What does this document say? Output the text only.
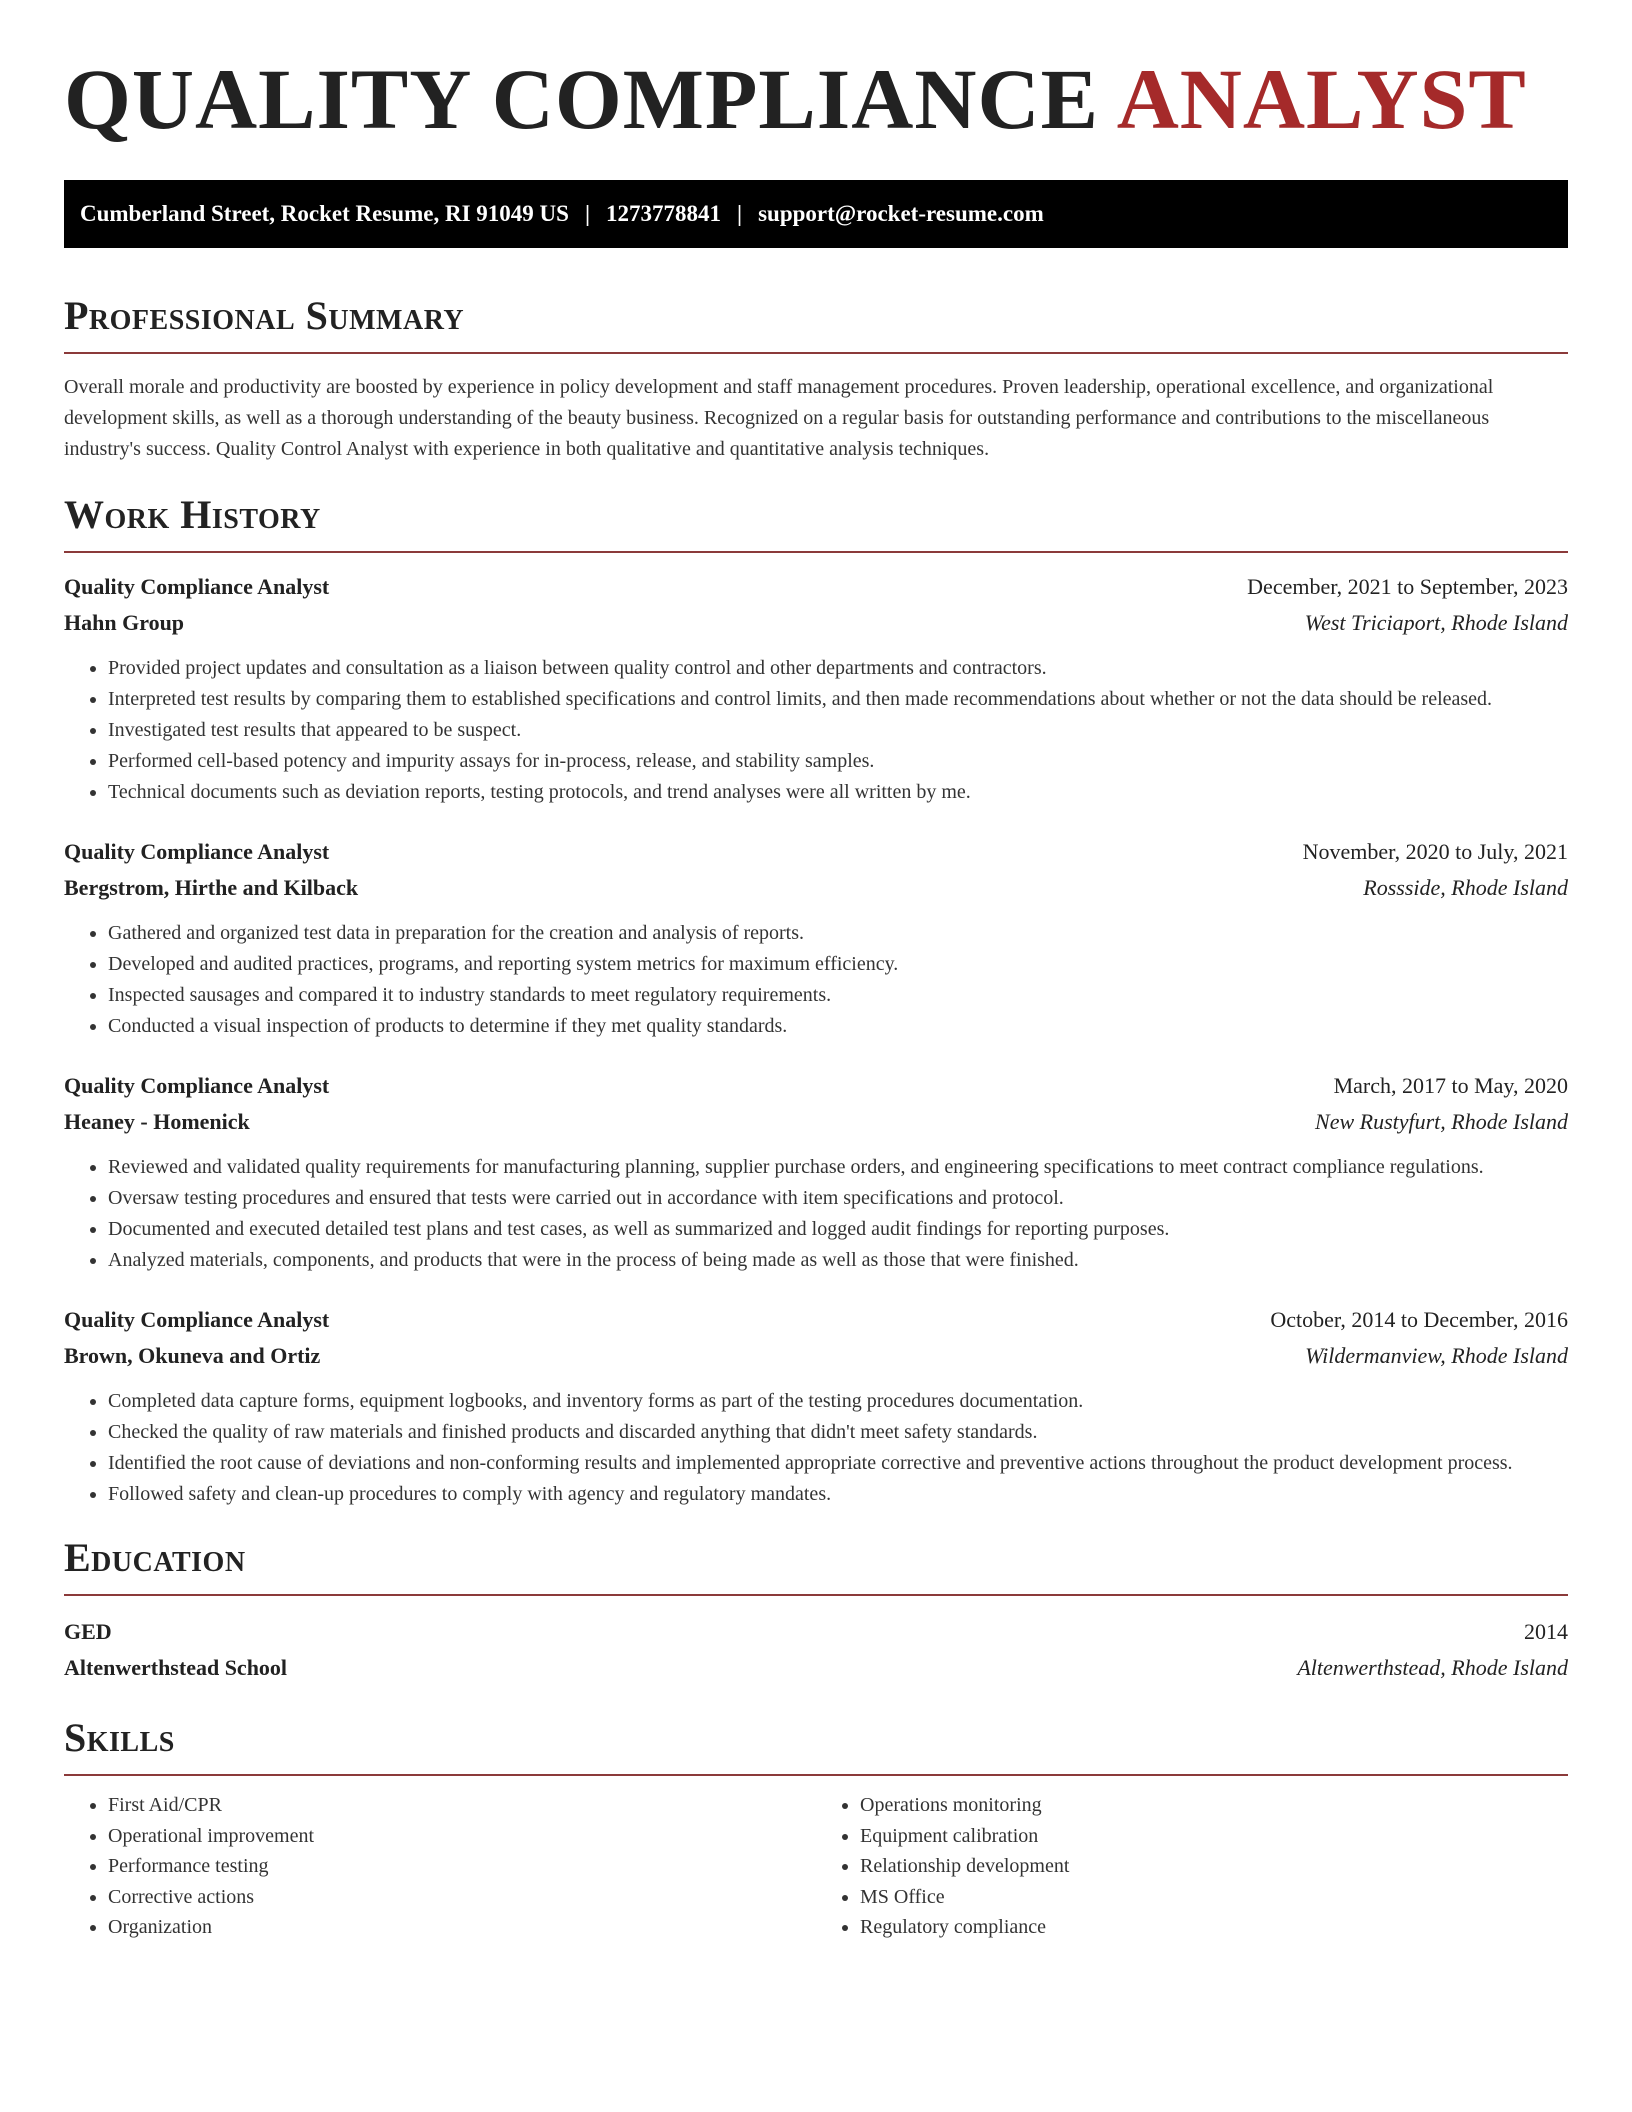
QUALITY COMPLIANCE ANALYST
Cumberland Street, Rocket Resume, RI 91049 US | 1273778841 | support@rocket-resume.com
Professional Summary

Overall morale and productivity are boosted by experience in policy development and staff management procedures. Proven leadership, operational excellence, and organizational development skills, as well as a thorough understanding of the beauty business. Recognized on a regular basis for outstanding performance and contributions to the miscellaneous industry's success. Quality Control Analyst with experience in both qualitative and quantitative analysis techniques.

Work History
Quality Compliance Analyst	December, 2021 to September, 2023
Hahn Group	West Triciaport, Rhode Island
• Provided project updates and consultation as a liaison between quality control and other departments and contractors.
• Interpreted test results by comparing them to established specifications and control limits, and then made recommendations about whether or not the data should be released.
• Investigated test results that appeared to be suspect.
• Performed cell-based potency and impurity assays for in-process, release, and stability samples.
• Technical documents such as deviation reports, testing protocols, and trend analyses were all written by me.
Quality Compliance Analyst	November, 2020 to July, 2021
Bergstrom, Hirthe and Kilback	Rossside, Rhode Island
• Gathered and organized test data in preparation for the creation and analysis of reports.
• Developed and audited practices, programs, and reporting system metrics for maximum efficiency.
• Inspected sausages and compared it to industry standards to meet regulatory requirements.
• Conducted a visual inspection of products to determine if they met quality standards.
Quality Compliance Analyst	March, 2017 to May, 2020
Heaney - Homenick	New Rustyfurt, Rhode Island
• Reviewed and validated quality requirements for manufacturing planning, supplier purchase orders, and engineering specifications to meet contract compliance regulations.
• Oversaw testing procedures and ensured that tests were carried out in accordance with item specifications and protocol.
• Documented and executed detailed test plans and test cases, as well as summarized and logged audit findings for reporting purposes.
• Analyzed materials, components, and products that were in the process of being made as well as those that were finished.
Quality Compliance Analyst	October, 2014 to December, 2016
Brown, Okuneva and Ortiz	Wildermanview, Rhode Island
• Completed data capture forms, equipment logbooks, and inventory forms as part of the testing procedures documentation.
• Checked the quality of raw materials and finished products and discarded anything that didn't meet safety standards.
• Identified the root cause of deviations and non-conforming results and implemented appropriate corrective and preventive actions throughout the product development process.
• Followed safety and clean-up procedures to comply with agency and regulatory mandates.
Education
GED	2014
Altenwerthstead School	Altenwerthstead, Rhode Island
Skills
• First Aid/CPR
• Operational improvement
• Performance testing
• Corrective actions
• Organization
• Operations monitoring
• Equipment calibration
• Relationship development
• MS Office
• Regulatory compliance
